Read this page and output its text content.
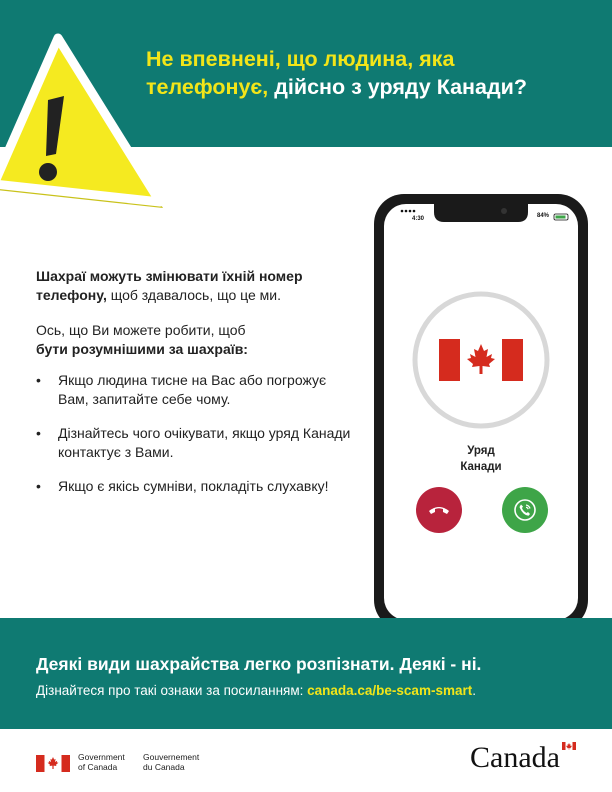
Не впевнені, що людина, яка
телефонує, дійсно з уряду Канади?

Шахраї можуть змінювати їхній номер телефону, щоб здавалось, що це ми.

Ось, що Ви можете робити, щоб
бути розумнішими за шахраїв:

• Якщо людина тисне на Вас або погрожує Вам, запитайте себе чому.
• Дізнайтесь чого очікувати, якщо уряд Канади контактує з Вами.
• Якщо є якісь сумніви, покладіть слухавку!
4:30	84%
Уряд
Канади
Деякі види шахрайства легко розпізнати. Деякі - ні.
Дізнайтеся про такі ознаки за посиланням: canada.ca/be-scam-smart.
Government
of Canada
Gouvernement
du Canada	Canada
